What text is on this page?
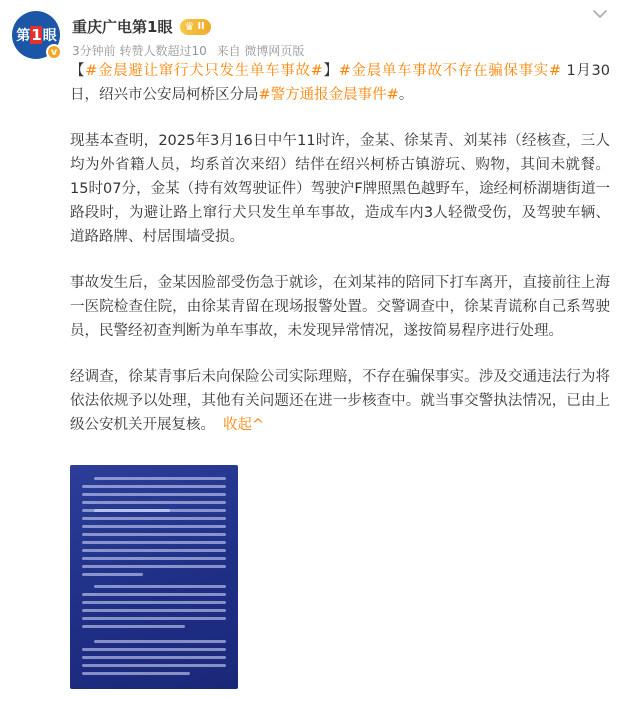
第 1 眼
v
重庆广电第1眼 ♛ II
3分钟前 转赞人数超过10 来自 微博网页版

【#金晨避让窜行犬只发生单车事故#】#金晨单车事故不存在骗保事实# 1月30日，绍兴市公安局柯桥区分局#警方通报金晨事件#。

现基本查明，2025年3月16日中午11时许，金某、徐某青、刘某祎（经核查，三人均为外省籍人员，均系首次来绍）结伴在绍兴柯桥古镇游玩、购物，其间未就餐。15时07分，金某（持有效驾驶证件）驾驶沪F牌照黑色越野车，途经柯桥湖塘街道一路段时，为避让路上窜行犬只发生单车事故，造成车内3人轻微受伤，及驾驶车辆、道路路牌、村居围墙受损。

事故发生后，金某因脸部受伤急于就诊，在刘某祎的陪同下打车离开，直接前往上海一医院检查住院，由徐某青留在现场报警处置。交警调查中，徐某青谎称自己系驾驶员，民警经初查判断为单车事故，未发现异常情况，遂按简易程序进行处理。

经调查，徐某青事后未向保险公司实际理赔，不存在骗保事实。涉及交通违法行为将依法依规予以处理，其他有关问题还在进一步核查中。就当事交警执法情况，已由上级公安机关开展复核。 收起^
